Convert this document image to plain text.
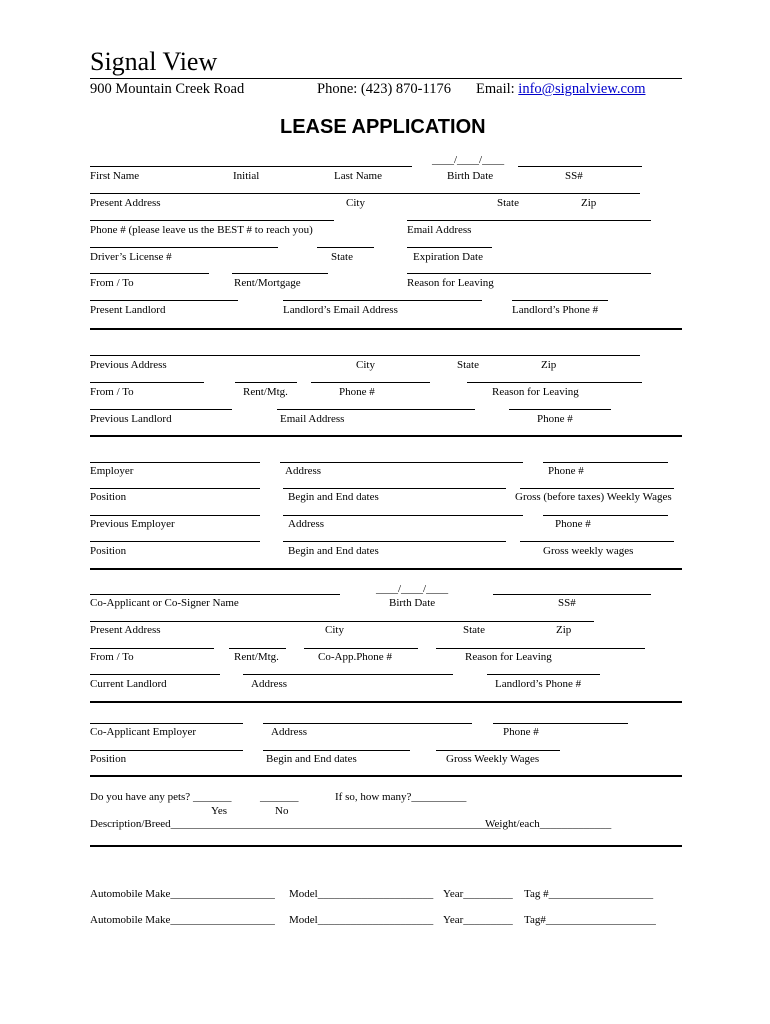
Signal View
900 Mountain Creek Road	Phone: (423) 870-1176 Email: info@signalview.com
LEASE APPLICATION
____/____/____
First Name	Initial	Last Name	Birth Date	SS#
Present Address	City	State	Zip
Phone # (please leave us the BEST # to reach you)	Email Address
Driver’s License #	State	Expiration Date
From / To	Rent/Mortgage	Reason for Leaving
Present Landlord	Landlord’s Email Address	Landlord’s Phone #
Previous Address	City	State	Zip
From / To	Rent/Mtg.	Phone #	Reason for Leaving
Previous Landlord	Email Address	Phone #
Employer	Address	Phone #
Position	Begin and End dates	Gross (before taxes) Weekly Wages
Previous Employer	Address	Phone #
Position	Begin and End dates	Gross weekly wages
____/____/____
Co-Applicant or Co-Signer Name	Birth Date	SS#
Present Address	City	State	Zip
From / To	Rent/Mtg.	Co-App.Phone #	Reason for Leaving
Current Landlord	Address	Landlord’s Phone #
Co-Applicant Employer	Address	Phone #
Position	Begin and End dates	Gross Weekly Wages
Do you have any pets? _______	_______	If so, how many?__________
Yes	No
Description/Breed____________________________________________________________
Weight/each_____________
Automobile Make___________________ Model_____________________ Year_________ Tag #___________________
Automobile Make___________________ Model_____________________ Year_________ Tag#____________________
